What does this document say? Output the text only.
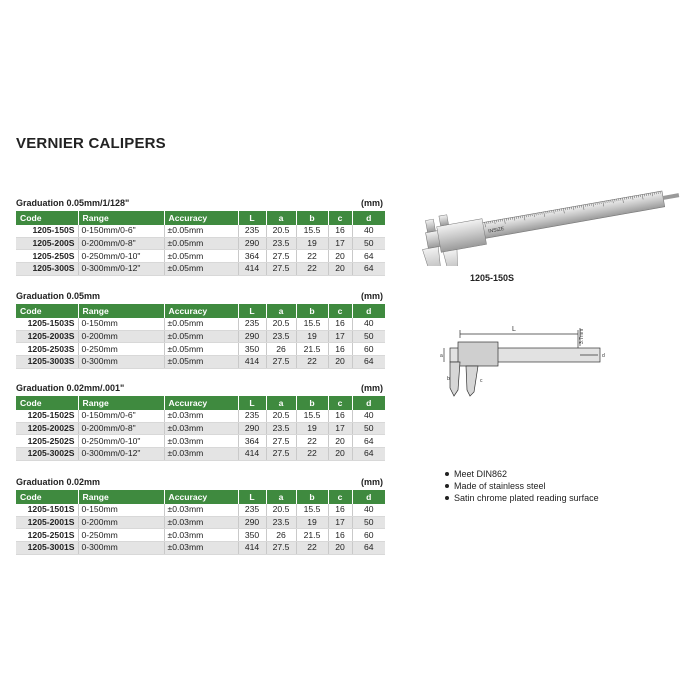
VERNIER CALIPERS
Graduation 0.05mm/1/128"	(mm)
Code	Range	Accuracy	L	a	b	c	d
1205-150S	0-150mm/0-6"	±0.05mm	235	20.5	15.5	16	40
1205-200S	0-200mm/0-8"	±0.05mm	290	23.5	19	17	50
1205-250S	0-250mm/0-10"	±0.05mm	364	27.5	22	20	64
1205-300S	0-300mm/0-12"	±0.05mm	414	27.5	22	20	64
Graduation 0.05mm	(mm)
Code	Range	Accuracy	L	a	b	c	d
1205-1503S	0-150mm	±0.05mm	235	20.5	15.5	16	40
1205-2003S	0-200mm	±0.05mm	290	23.5	19	17	50
1205-2503S	0-250mm	±0.05mm	350	26	21.5	16	60
1205-3003S	0-300mm	±0.05mm	414	27.5	22	20	64
Graduation 0.02mm/.001"	(mm)
Code	Range	Accuracy	L	a	b	c	d
1205-1502S	0-150mm/0-6"	±0.03mm	235	20.5	15.5	16	40
1205-2002S	0-200mm/0-8"	±0.03mm	290	23.5	19	17	50
1205-2502S	0-250mm/0-10"	±0.03mm	364	27.5	22	20	64
1205-3002S	0-300mm/0-12"	±0.03mm	414	27.5	22	20	64
Graduation 0.02mm	(mm)
Code	Range	Accuracy	L	a	b	c	d
1205-1501S	0-150mm	±0.03mm	235	20.5	15.5	16	40
1205-2001S	0-200mm	±0.03mm	290	23.5	19	17	50
1205-2501S	0-250mm	±0.03mm	350	26	21.5	16	60
1205-3001S	0-300mm	±0.03mm	414	27.5	22	20	64
INSIZE
1205-150S
L
a
b	c
d
3.7mm
Meet DIN862
Made of stainless steel
Satin chrome plated reading surface
